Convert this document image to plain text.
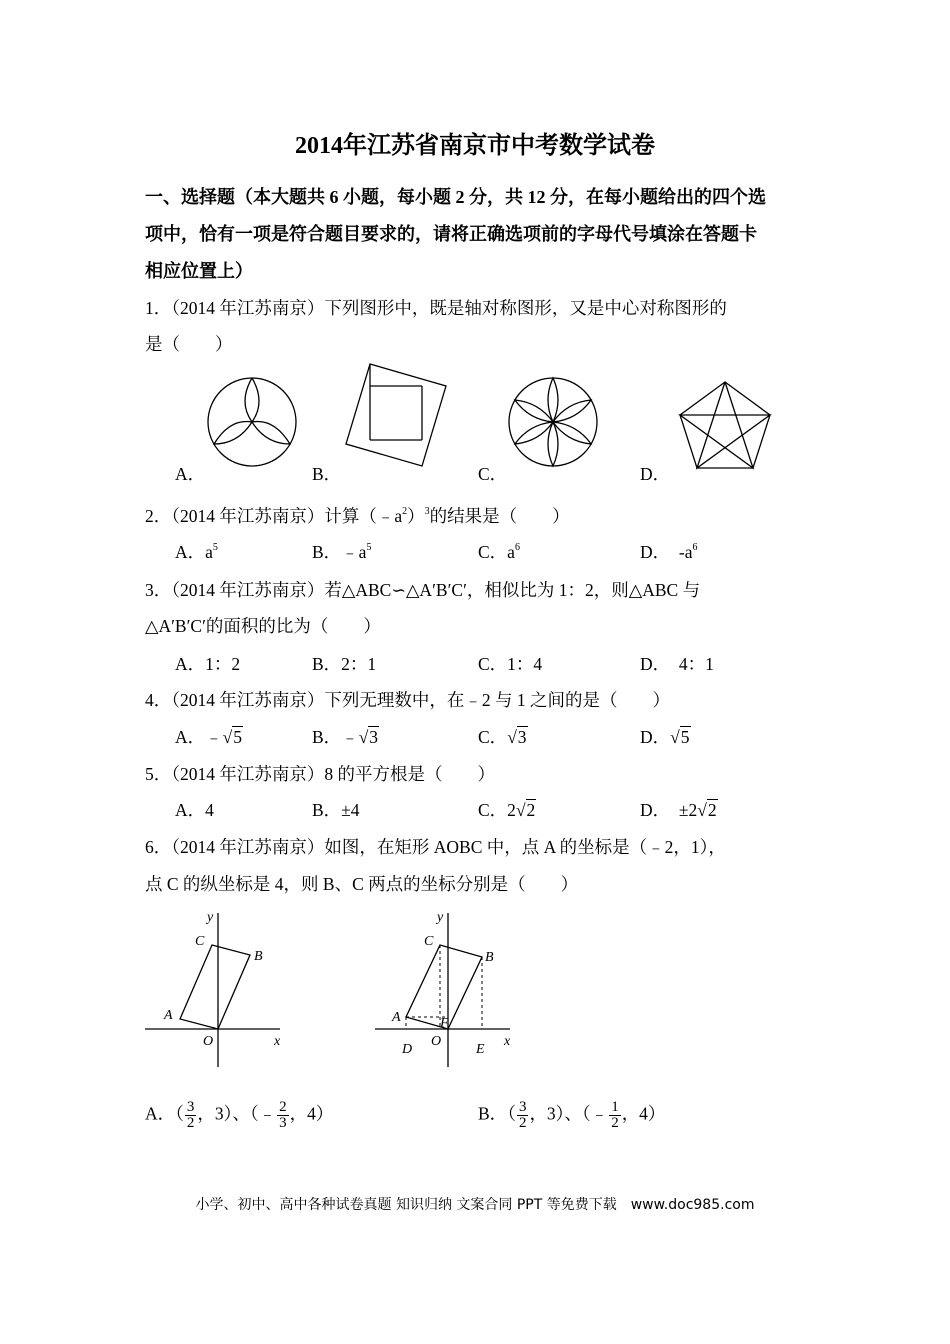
2014年江苏省南京市中考数学试卷
一、选择题（本大题共 6 小题，每小题 2 分，共 12 分，在每小题给出的四个选
项中，恰有一项是符合题目要求的，请将正确选项前的字母代号填涂在答题卡
相应位置上）
1．（2014 年江苏南京）下列图形中，既是轴对称图形，又是中心对称图形的
是（　　）
A．	B．	C．	D．
2．（2014 年江苏南京）计算$(﹣a^2)^3$的结果是（　　）
A．$a^5$	B．$﹣a^5$	C．$a^6$	D．　$-a^6$
3．（2014 年江苏南京）若△ABC∽△A′B′C′，相似比为 1：2，则△ABC 与
△A′B′C′的面积的比为（　　）
A．1：2	B．2：1	C．1：4	D．　4：1
4．（2014 年江苏南京）下列无理数中，在﹣2 与 1 之间的是（　　）
A．﹣√5	B．﹣√3	C．√3	D．√5
5．（2014 年江苏南京）8 的平方根是（　　）
A．4	B．±4	C．2√2	D．　±2√2
6．（2014 年江苏南京）如图，在矩形 AOBC 中，点 A 的坐标是（﹣2，1），
点 C 的纵坐标是 4，则 B、C 两点的坐标分别是（　　）
y
x
C
B
A
O
y
x
C
B
A
O
F
D	E
A．（ $\frac{3}{2}$ ，3）、（﹣ $\frac{2}{3}$ ，4）	B．（ $\frac{3}{2}$ ，3）、（﹣ $\frac{1}{2}$ ，4）
小学、初中、高中各种试卷真题 知识归纳 文案合同 PPT 等免费下载　www.doc985.com
